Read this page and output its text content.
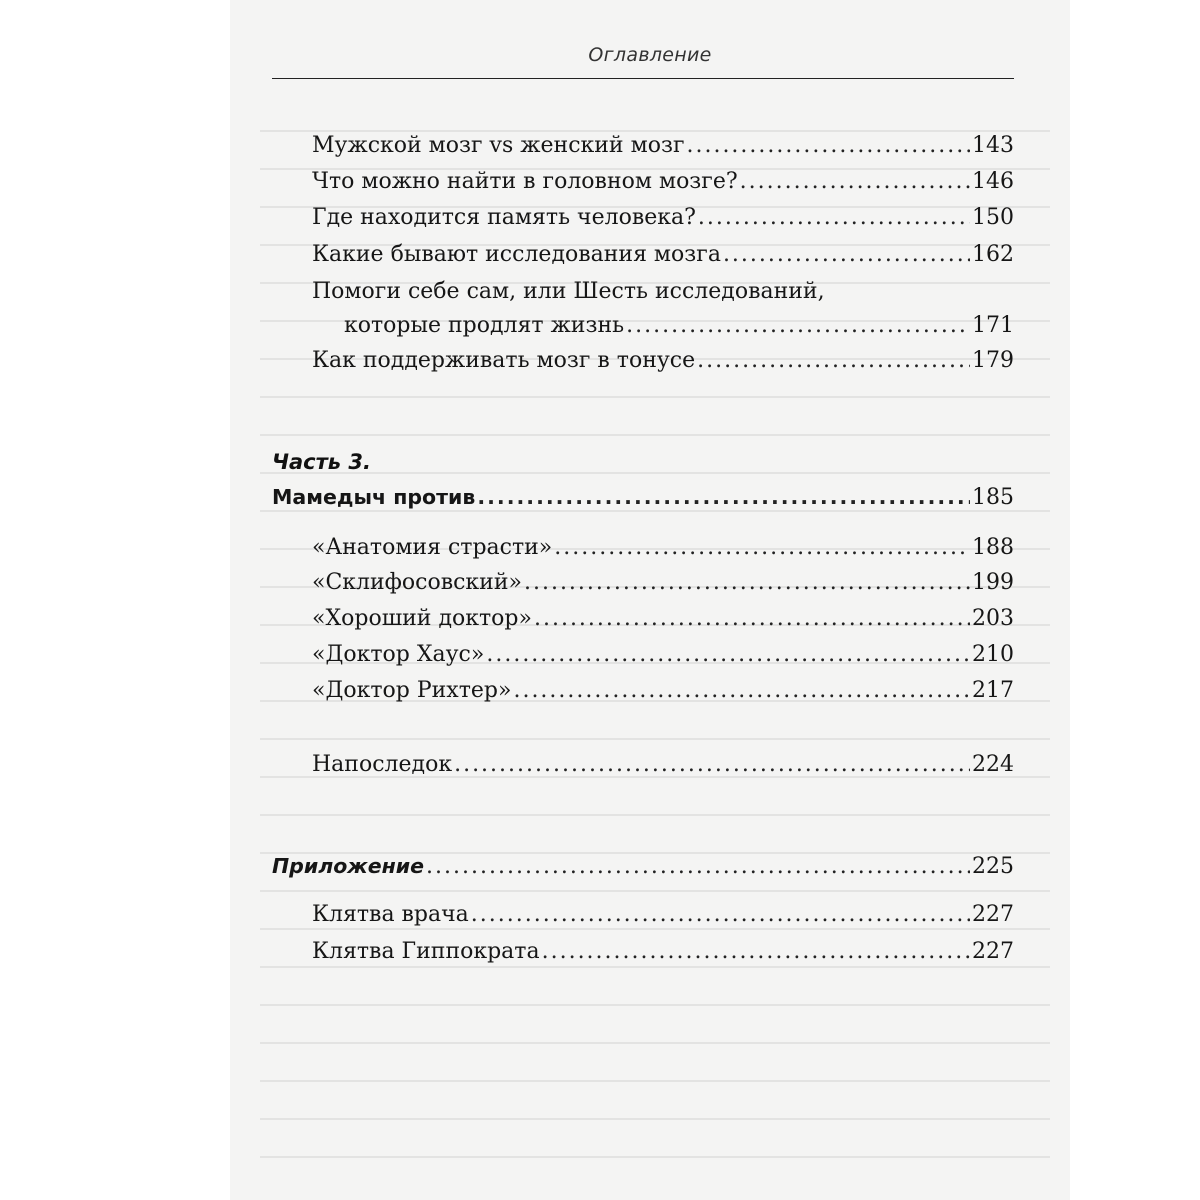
Оглавление
Мужской мозг vs женский мозг .....	143
Что можно найти в головном мозге? .....	146
Где находится память человека? .....	150
Какие бывают исследования мозга .....	162
Помоги себе сам, или Шесть исследований,
которые продлят жизнь .....	171
Как поддерживать мозг в тонусе .....	179
Часть 3.
Мамедыч против .....	185
«Анатомия страсти» .....	188
«Склифосовский» .....	199
«Хороший доктор» .....	203
«Доктор Хаус» .....	210
«Доктор Рихтер» .....	217
Напоследок .....	224
Приложение .....	225
Клятва врача .....	227
Клятва Гиппократа .....	227
